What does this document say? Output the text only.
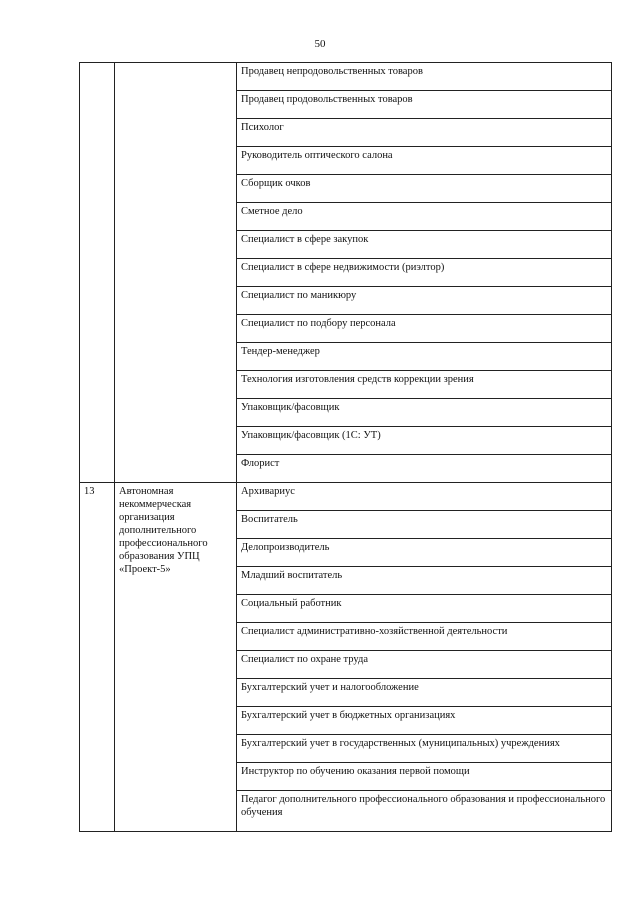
50
		Продавец непродовольственных товаров
		Продавец продовольственных товаров
		Психолог
		Руководитель оптического салона
		Сборщик очков
		Сметное дело
		Специалист в сфере закупок
		Специалист в сфере недвижимости (риэлтор)
		Специалист по маникюру
		Специалист по подбору персонала
		Тендер-менеджер
		Технология изготовления средств коррекции зрения
		Упаковщик/фасовщик
		Упаковщик/фасовщик (1С: УТ)
		Флорист
13	Автономная некоммерческая организация дополнительного профессионального образования УПЦ «Проект-5»	Архивариус
		Воспитатель
		Делопроизводитель
		Младший воспитатель
		Социальный работник
		Специалист административно-хозяйственной деятельности
		Специалист по охране труда
		Бухгалтерский учет и налогообложение
		Бухгалтерский учет в бюджетных организациях
		Бухгалтерский учет в государственных (муниципальных) учреждениях
		Инструктор по обучению оказания первой помощи
		Педагог дополнительного профессионального образования и профессионального обучения
